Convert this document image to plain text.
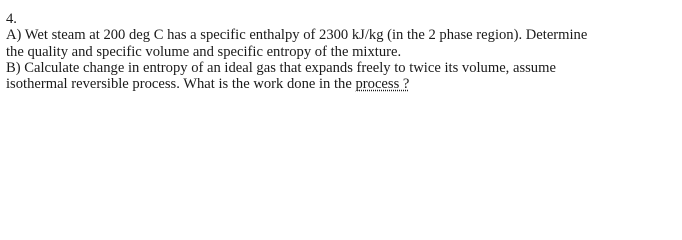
4.
A) Wet steam at 200 deg C has a specific enthalpy of 2300 kJ/kg (in the 2 phase region). Determine
the quality and specific volume and specific entropy of the mixture.
B) Calculate change in entropy of an ideal gas that expands freely to twice its volume, assume
isothermal reversible process. What is the work done in the process ?
